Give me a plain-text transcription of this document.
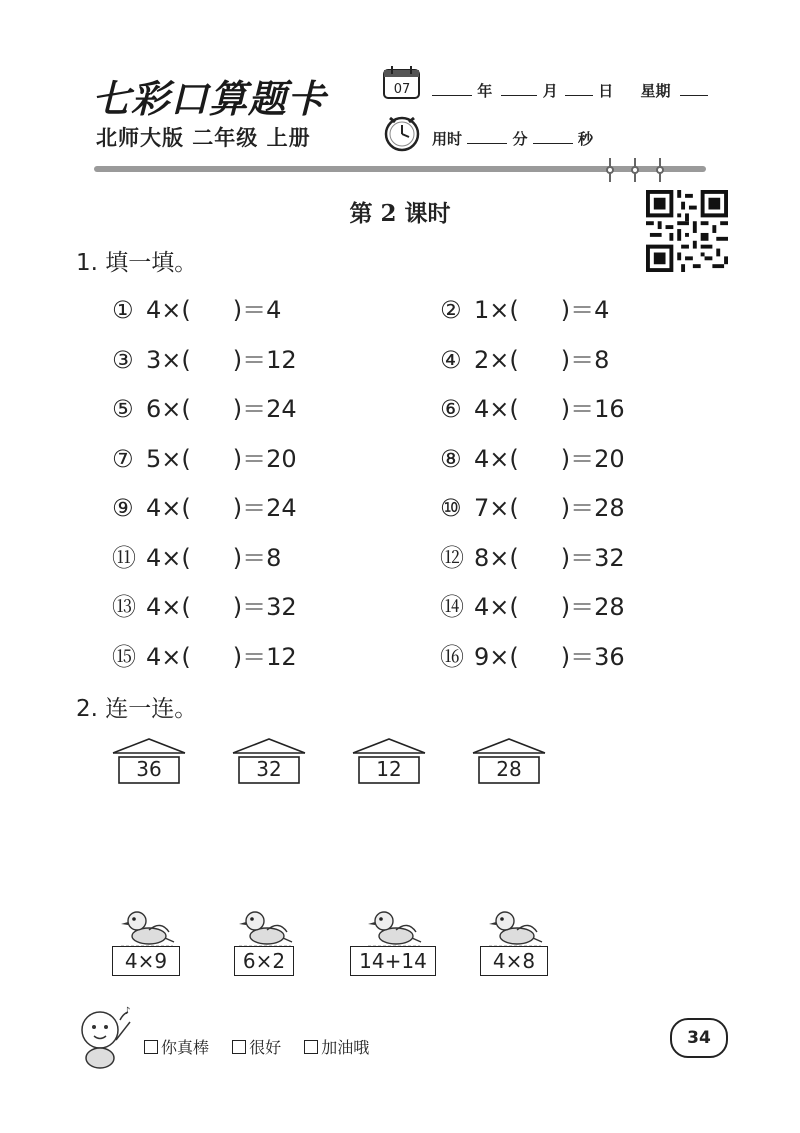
七彩口算题卡
北师大版 二年级 上册
07	年	月	日 星期
用时	分	秒
第 2 课时
1. 填一填。
① 4×( )＝4	② 1×( )＝4
③ 3×( )＝12	④ 2×( )＝8
⑤ 6×( )＝24	⑥ 4×( )＝16
⑦ 5×( )＝20	⑧ 4×( )＝20
⑨ 4×( )＝24	⑩ 7×( )＝28
⑪ 4×( )＝8	⑫ 8×( )＝32
⑬ 4×( )＝32	⑭ 4×( )＝28
⑮ 4×( )＝12	⑯ 9×( )＝36
2. 连一连。
36	32	12	28
4×9	6×2	14+14	4×8
♪
你真棒	很好	加油哦	34
